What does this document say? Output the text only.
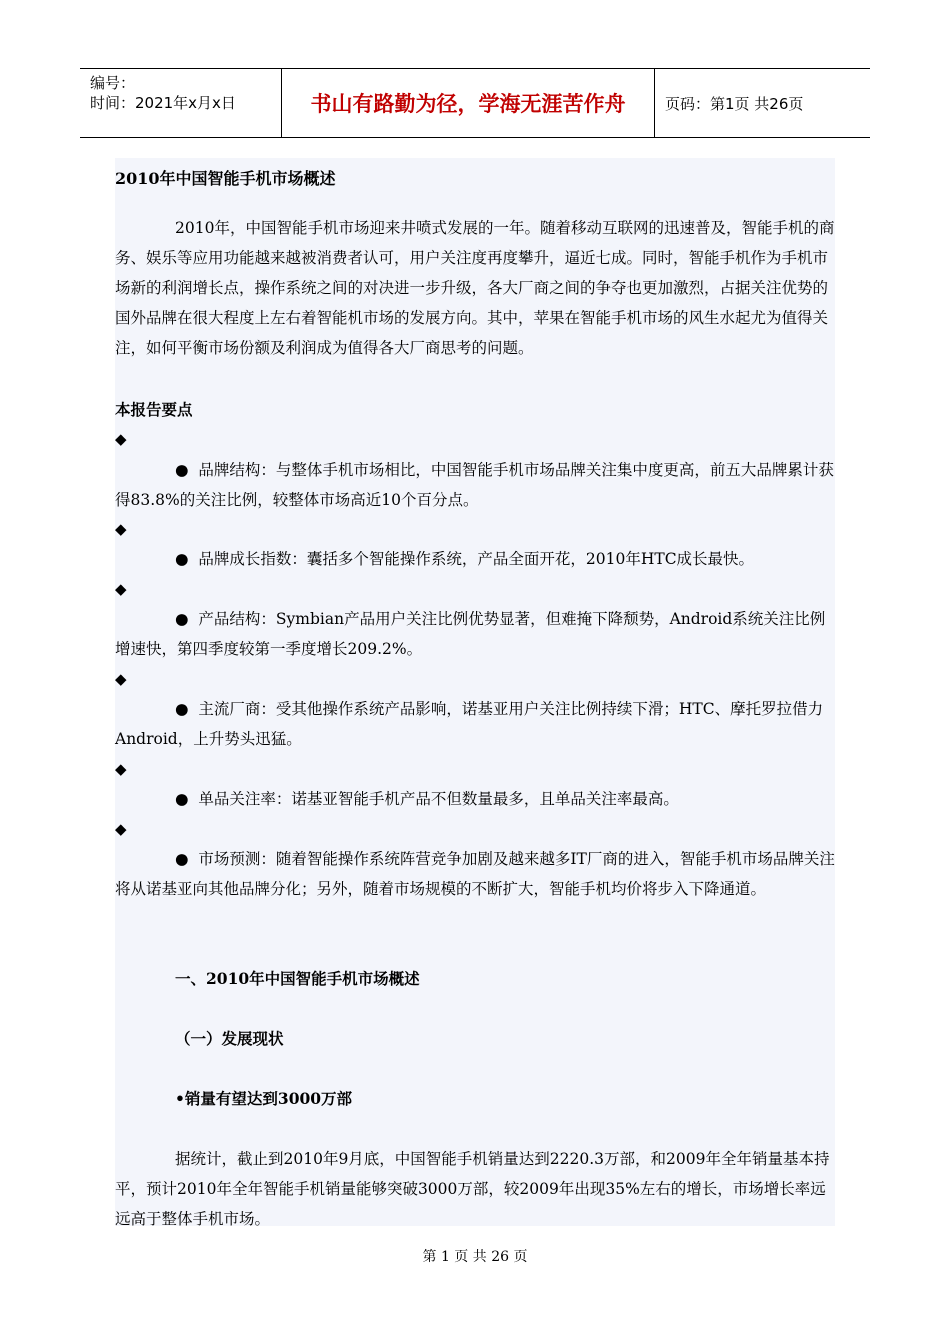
编号：
时间：2021年x月x日	书山有路勤为径，学海无涯苦作舟	页码：第1页 共26页
2010年中国智能手机市场概述
2010年，中国智能手机市场迎来井喷式发展的一年。随着移动互联网的迅速普及，智能手机的商务、娱乐等应用功能越来越被消费者认可，用户关注度再度攀升，逼近七成。同时，智能手机作为手机市场新的利润增长点，操作系统之间的对决进一步升级，各大厂商之间的争夺也更加激烈，占据关注优势的国外品牌在很大程度上左右着智能机市场的发展方向。其中，苹果在智能手机市场的风生水起尤为值得关注，如何平衡市场份额及利润成为值得各大厂商思考的问题。
本报告要点
◆
● 品牌结构：与整体手机市场相比，中国智能手机市场品牌关注集中度更高，前五大品牌累计获得83.8%的关注比例，较整体市场高近10个百分点。
◆
● 品牌成长指数：囊括多个智能操作系统，产品全面开花，2010年HTC成长最快。
◆
● 产品结构：Symbian产品用户关注比例优势显著，但难掩下降颓势，Android系统关注比例增速快，第四季度较第一季度增长209.2%。
◆
● 主流厂商：受其他操作系统产品影响，诺基亚用户关注比例持续下滑；HTC、摩托罗拉借力Android，上升势头迅猛。
◆
● 单品关注率：诺基亚智能手机产品不但数量最多，且单品关注率最高。
◆
● 市场预测：随着智能操作系统阵营竞争加剧及越来越多IT厂商的进入，智能手机市场品牌关注将从诺基亚向其他品牌分化；另外，随着市场规模的不断扩大，智能手机均价将步入下降通道。
一、2010年中国智能手机市场概述
（一）发展现状
•销量有望达到3000万部
据统计，截止到2010年9月底，中国智能手机销量达到2220.3万部，和2009年全年销量基本持平，预计2010年全年智能手机销量能够突破3000万部，较2009年出现35%左右的增长，市场增长率远远高于整体手机市场。
第 1 页 共 26 页
